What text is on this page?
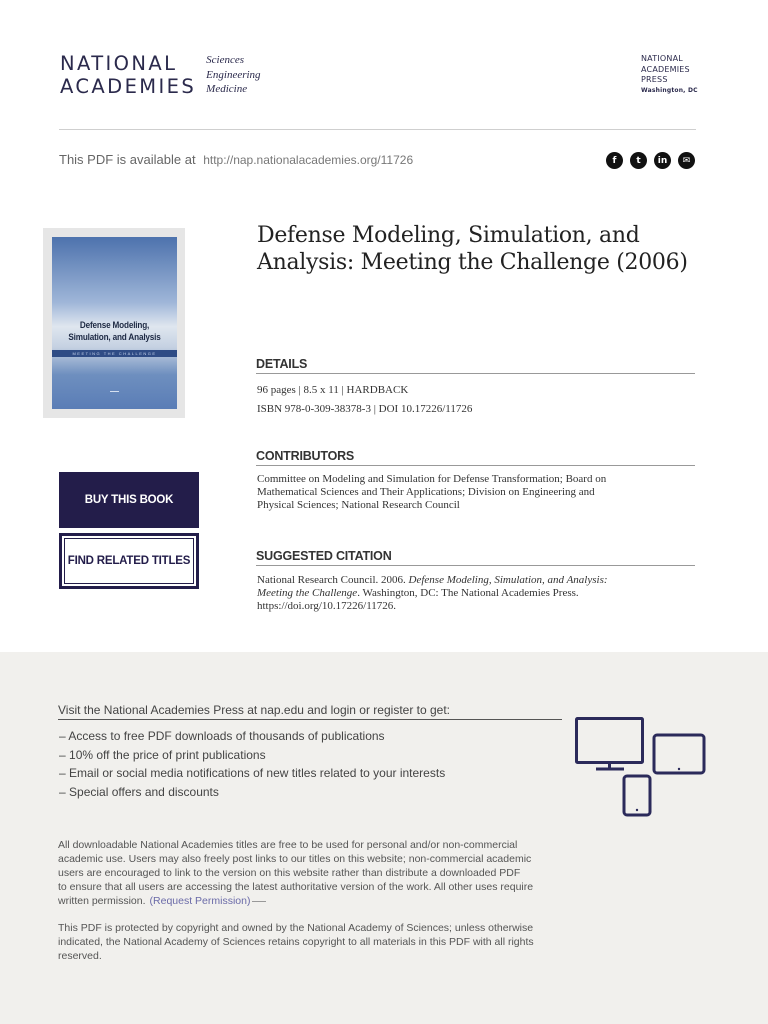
NATIONAL
ACADEMIES
Sciences
Engineering
Medicine
NATIONAL
ACADEMIES
PRESS
Washington, DC
This PDF is available at http://nap.nationalacademies.org/11726	f	t	in	✉
Defense Modeling,
Simulation, and Analysis
MEETING THE CHALLENGE
▬▬▬
BUY THIS BOOK
FIND RELATED TITLES
Defense Modeling, Simulation, and
Analysis: Meeting the Challenge (2006)
DETAILS
96 pages | 8.5 x 11 | HARDBACK
ISBN 978-0-309-38378-3 | DOI 10.17226/11726
CONTRIBUTORS
Committee on Modeling and Simulation for Defense Transformation; Board on
Mathematical Sciences and Their Applications; Division on Engineering and
Physical Sciences; National Research Council
SUGGESTED CITATION
National Research Council. 2006. Defense Modeling, Simulation, and Analysis:
Meeting the Challenge. Washington, DC: The National Academies Press.
https://doi.org/10.17226/11726.
Visit the National Academies Press at nap.edu and login or register to get:
– Access to free PDF downloads of thousands of publications
– 10% off the price of print publications
– Email or social media notifications of new titles related to your interests
– Special offers and discounts
All downloadable National Academies titles are free to be used for personal and/or non-commercial
academic use. Users may also freely post links to our titles on this website; non-commercial academic
users are encouraged to link to the version on this website rather than distribute a downloaded PDF
to ensure that all users are accessing the latest authoritative version of the work. All other uses require
written permission. (Request Permission)
This PDF is protected by copyright and owned by the National Academy of Sciences; unless otherwise
indicated, the National Academy of Sciences retains copyright to all materials in this PDF with all rights
reserved.
